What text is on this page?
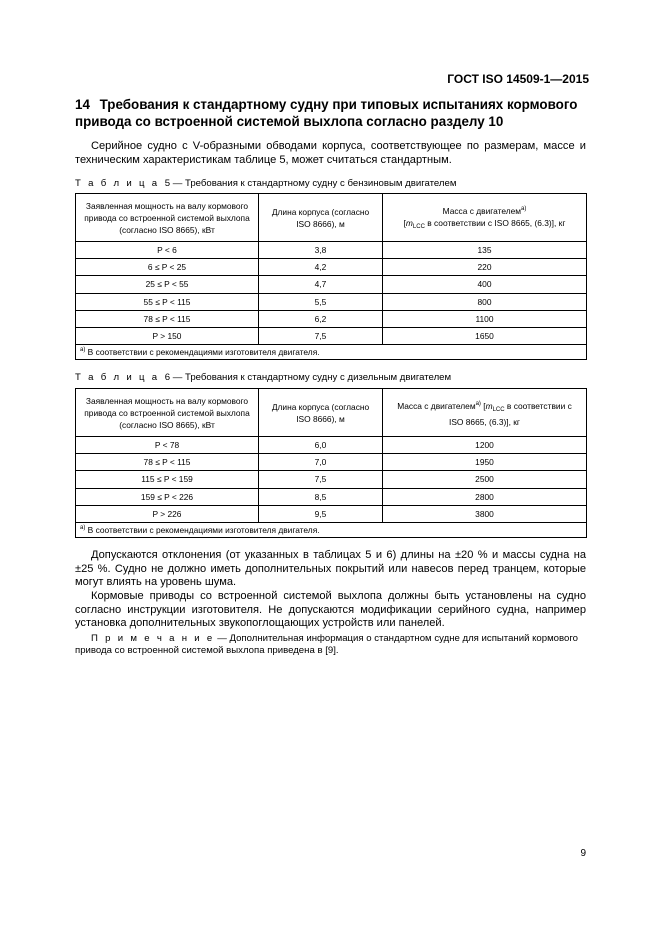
ГОСТ ISO 14509-1—2015
14 Требования к стандартному судну при типовых испытаниях кормового привода со встроенной системой выхлопа согласно разделу 10
Серийное судно с V-образными обводами корпуса, соответствующее по размерам, массе и техническим характеристикам таблице 5, может считаться стандартным.
Т а б л и ц а 5 — Требования к стандартному судну с бензиновым двигателем
Заявленная мощность на валу кормового привода со встроенной системой выхлопа (согласно ISO 8665), кВт	Длина корпуса (согласно ISO 8666), м	Масса с двигателем$^{а)}$
[$m_{LCC}$ в соответствии с ISO 8665, (6.3)], кг
P < 6	3,8	135
6 ≤ P < 25	4,2	220
25 ≤ P < 55	4,7	400
55 ≤ P < 115	5,5	800
78 ≤ P < 115	6,2	1100
P > 150	7,5	1650
$^{а)}$ В соответствии с рекомендациями изготовителя двигателя.		
Т а б л и ц а 6 — Требования к стандартному судну с дизельным двигателем
Заявленная мощность на валу кормового привода со встроенной системой выхлопа (согласно ISO 8665), кВт	Длина корпуса (согласно ISO 8666), м	Масса с двигателем$^{а)}$ [$m_{LCC}$ в соответствии с ISO 8665, (6.3)], кг
P < 78	6,0	1200
78 ≤ P < 115	7,0	1950
115 ≤ P < 159	7,5	2500
159 ≤ P < 226	8,5	2800
P > 226	9,5	3800
$^{а)}$ В соответствии с рекомендациями изготовителя двигателя.		
Допускаются отклонения (от указанных в таблицах 5 и 6) длины на ±20 % и массы судна на ±25 %. Судно не должно иметь дополнительных покрытий или навесов перед транцем, которые могут влиять на уровень шума.
Кормовые приводы со встроенной системой выхлопа должны быть установлены на судно согласно инструкции изготовителя. Не допускаются модификации серийного судна, например установка дополнительных звукопоглощающих устройств или панелей.
П р и м е ч а н и е — Дополнительная информация о стандартном судне для испытаний кормового привода со встроенной системой выхлопа приведена в [9].
9
